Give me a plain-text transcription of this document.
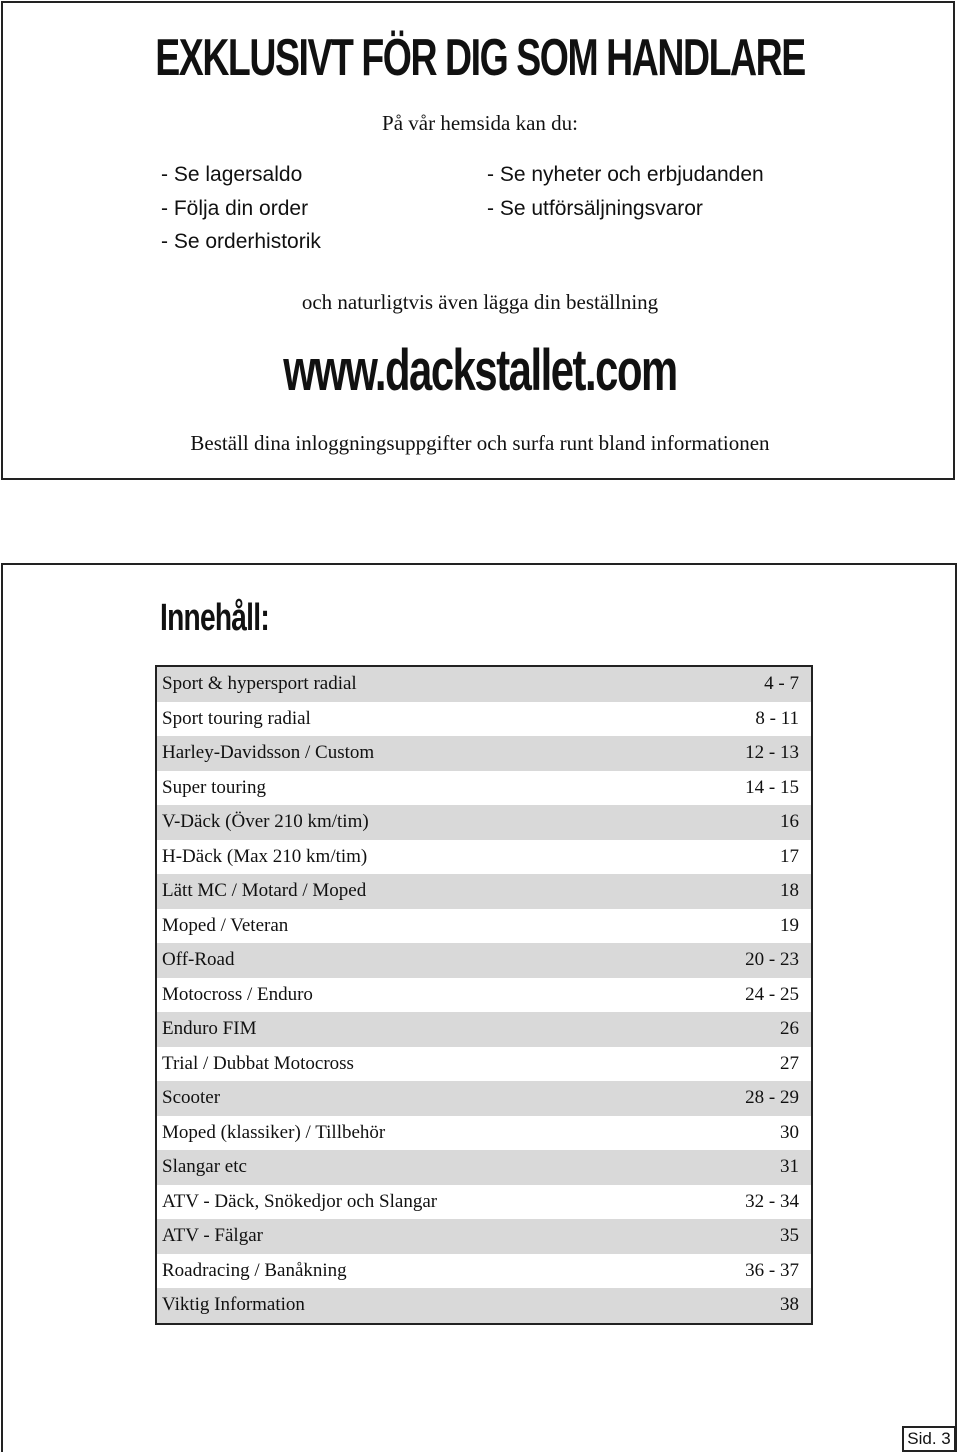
EXKLUSIVT FÖR DIG SOM HANDLARE
På vår hemsida kan du:
- Se lagersaldo
- Följa din order
- Se orderhistorik
- Se nyheter och erbjudanden
- Se utförsäljningsvaror
och naturligtvis även lägga din beställning
www.dackstallet.com
Beställ dina inloggningsuppgifter och surfa runt bland informationen
Innehåll:
Sport & hypersport radial	4 - 7
Sport touring radial	8 - 11
Harley-Davidsson / Custom	12 - 13
Super touring	14 - 15
V-Däck (Över 210 km/tim)	16
H-Däck (Max 210 km/tim)	17
Lätt MC / Motard / Moped	18
Moped / Veteran	19
Off-Road	20 - 23
Motocross / Enduro	24 - 25
Enduro FIM	26
Trial / Dubbat Motocross	27
Scooter	28 - 29
Moped (klassiker) / Tillbehör	30
Slangar etc	31
ATV - Däck, Snökedjor och Slangar	32 - 34
ATV - Fälgar	35
Roadracing / Banåkning	36 - 37
Viktig Information	38
Sid. 3
